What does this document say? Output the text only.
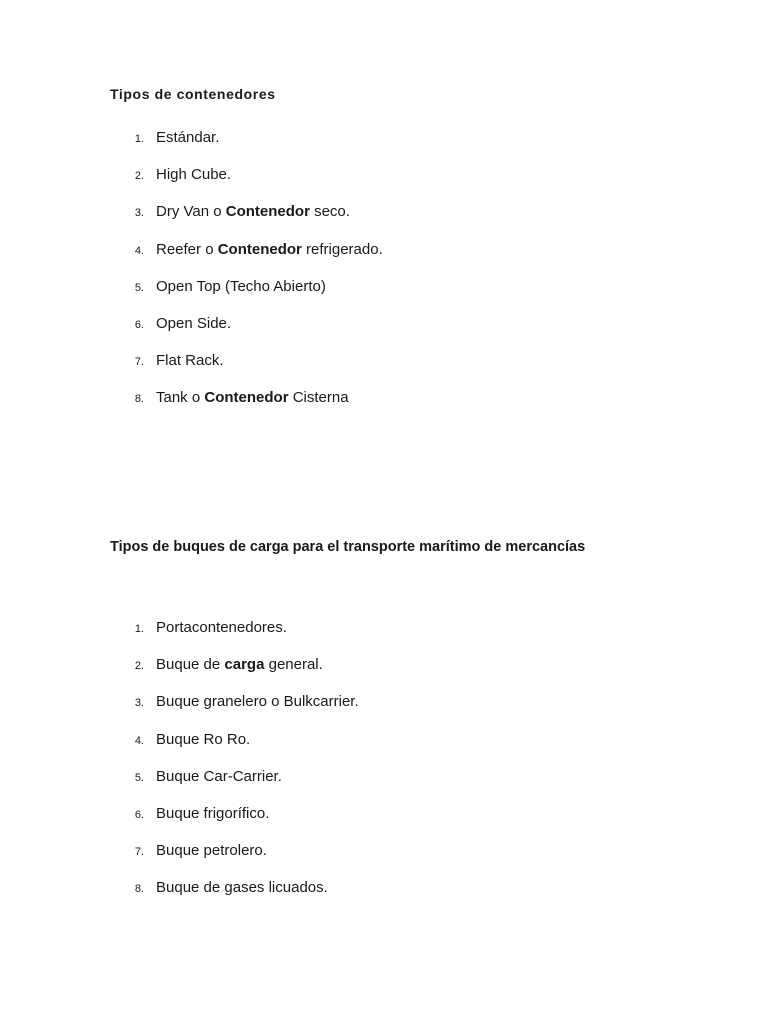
Tipos de contenedores
1. Estándar.
2. High Cube.
3. Dry Van o Contenedor seco.
4. Reefer o Contenedor refrigerado.
5. Open Top (Techo Abierto)
6. Open Side.
7. Flat Rack.
8. Tank o Contenedor Cisterna
Tipos de buques de carga para el transporte marítimo de mercancías
1. Portacontenedores.
2. Buque de carga general.
3. Buque granelero o Bulkcarrier.
4. Buque Ro Ro.
5. Buque Car-Carrier.
6. Buque frigorífico.
7. Buque petrolero.
8. Buque de gases licuados.
